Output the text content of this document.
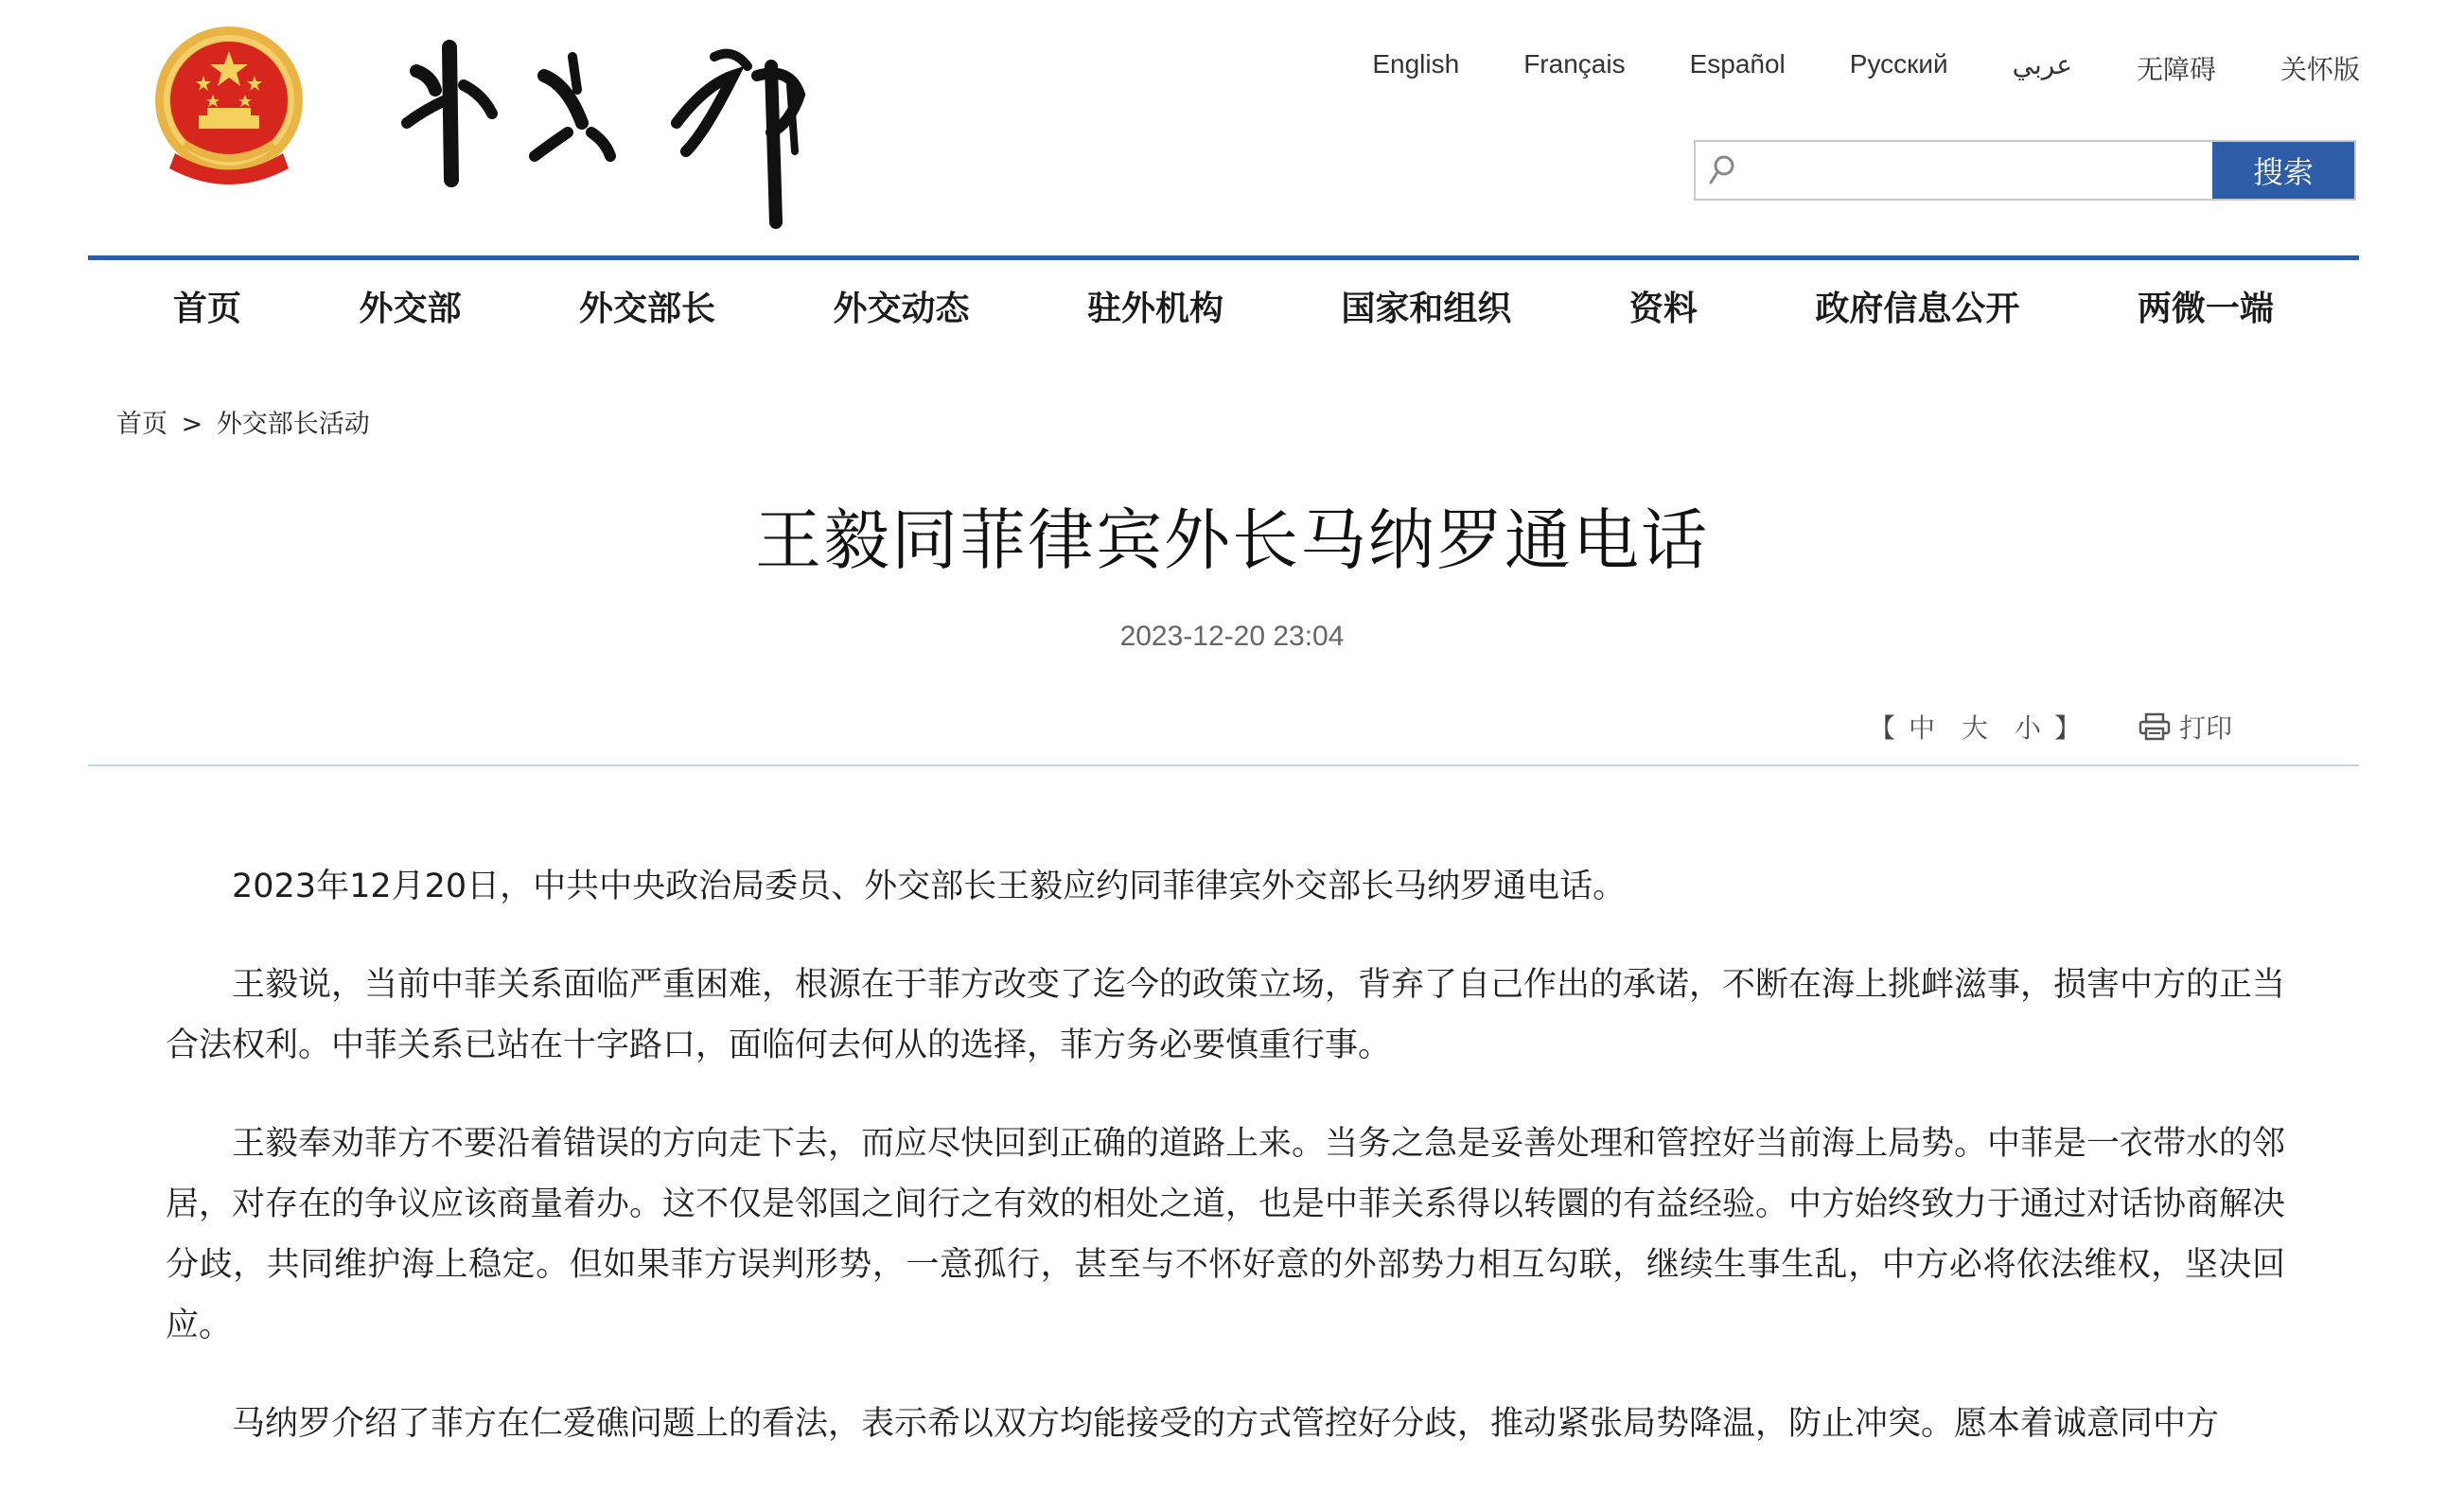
English Français Español Русский عربي 无障碍 关怀版
搜索
首页	外交部	外交部长	外交动态	驻外机构	国家和组织	资料	政府信息公开	两微一端
首页 > 外交部长活动
王毅同菲律宾外长马纳罗通电话
2023-12-20 23:04
【 中 大 小 】	打印

2023年12月20日，中共中央政治局委员、外交部长王毅应约同菲律宾外交部长马纳罗通电话。

王毅说，当前中菲关系面临严重困难，根源在于菲方改变了迄今的政策立场，背弃了自己作出的承诺，不断在海上挑衅滋事，损害中方的正当合法权利。中菲关系已站在十字路口，面临何去何从的选择，菲方务必要慎重行事。

王毅奉劝菲方不要沿着错误的方向走下去，而应尽快回到正确的道路上来。当务之急是妥善处理和管控好当前海上局势。中菲是一衣带水的邻居，对存在的争议应该商量着办。这不仅是邻国之间行之有效的相处之道，也是中菲关系得以转圜的有益经验。中方始终致力于通过对话协商解决分歧，共同维护海上稳定。但如果菲方误判形势，一意孤行，甚至与不怀好意的外部势力相互勾联，继续生事生乱，中方必将依法维权，坚决回应。

马纳罗介绍了菲方在仁爱礁问题上的看法，表示希以双方均能接受的方式管控好分歧，推动紧张局势降温，防止冲突。愿本着诚意同中方
